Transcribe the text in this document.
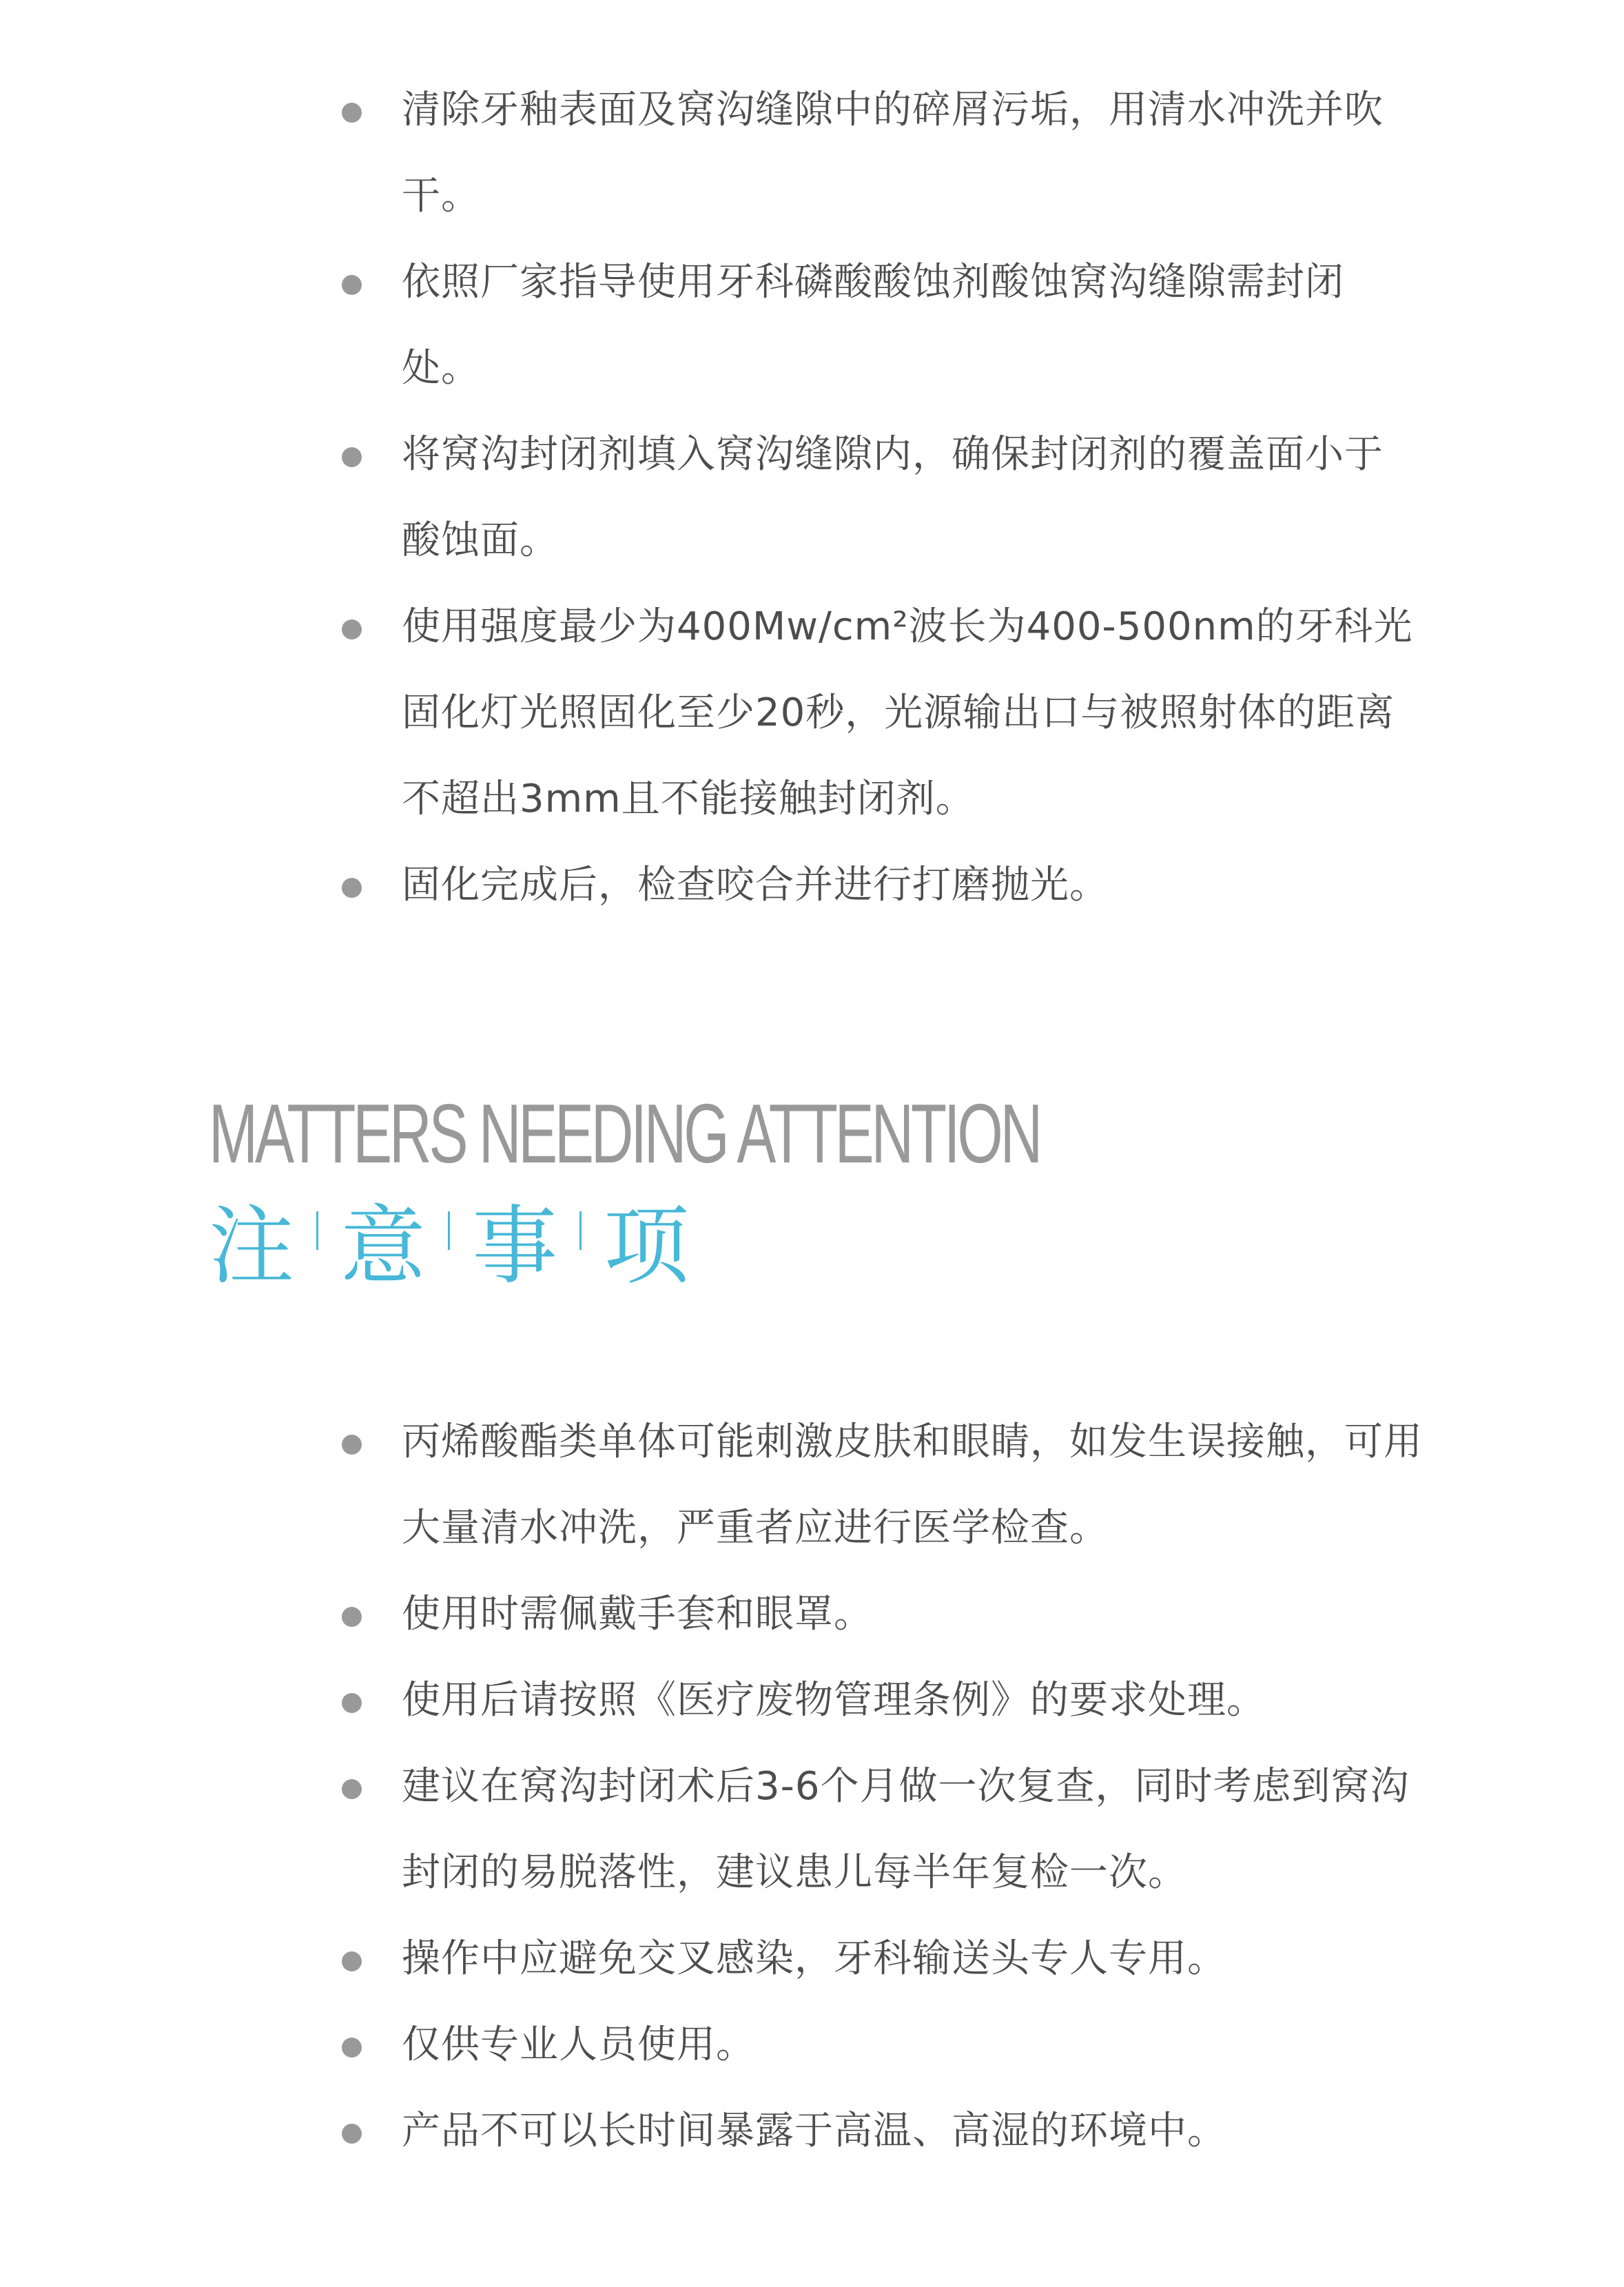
清除牙釉表面及窝沟缝隙中的碎屑污垢，用清水冲洗并吹干。
依照厂家指导使用牙科磷酸酸蚀剂酸蚀窝沟缝隙需封闭处。
将窝沟封闭剂填入窝沟缝隙内，确保封闭剂的覆盖面小于酸蚀面。
使用强度最少为400Mw/cm²波长为400-500nm的牙科光固化灯光照固化至少20秒，光源输出口与被照射体的距离不超出3mm且不能接触封闭剂。
固化完成后，检查咬合并进行打磨抛光。
MATTERS NEEDING ATTENTION
注 意 事 项
丙烯酸酯类单体可能刺激皮肤和眼睛，如发生误接触，可用大量清水冲洗，严重者应进行医学检查。
使用时需佩戴手套和眼罩。
使用后请按照《医疗废物管理条例》的要求处理。
建议在窝沟封闭术后3-6个月做一次复查，同时考虑到窝沟封闭的易脱落性，建议患儿每半年复检一次。
操作中应避免交叉感染，牙科输送头专人专用。
仅供专业人员使用。
产品不可以长时间暴露于高温、高湿的环境中。
